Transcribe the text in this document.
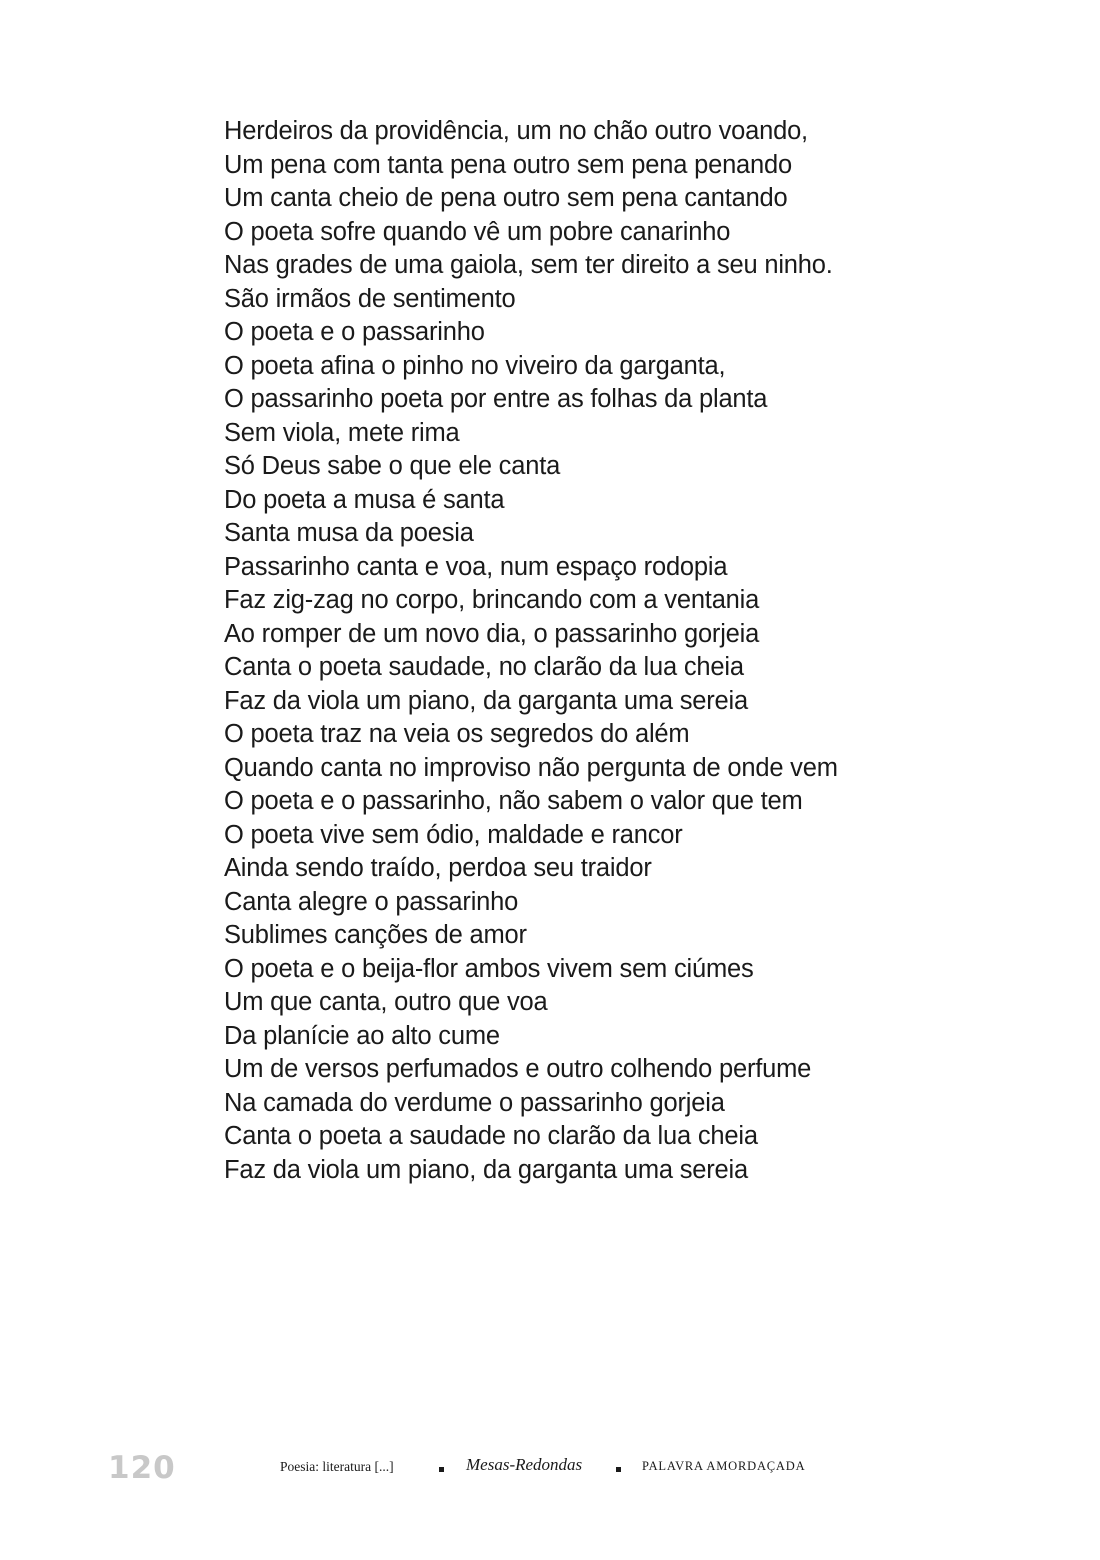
Herdeiros da providência, um no chão outro voando,
Um pena com tanta pena outro sem pena penando
Um canta cheio de pena outro sem pena cantando
O poeta sofre quando vê um pobre canarinho
Nas grades de uma gaiola, sem ter direito a seu ninho.
São irmãos de sentimento
O poeta e o passarinho
O poeta afina o pinho no viveiro da garganta,
O passarinho poeta por entre as folhas da planta
Sem viola, mete rima
Só Deus sabe o que ele canta
Do poeta a musa é santa
Santa musa da poesia
Passarinho canta e voa, num espaço rodopia
Faz zig-zag no corpo, brincando com a ventania
Ao romper de um novo dia, o passarinho gorjeia
Canta o poeta saudade, no clarão da lua cheia
Faz da viola um piano, da garganta uma sereia
O poeta traz na veia os segredos do além
Quando canta no improviso não pergunta de onde vem
O poeta e o passarinho, não sabem o valor que tem
O poeta vive sem ódio, maldade e rancor
Ainda sendo traído, perdoa seu traidor
Canta alegre o passarinho
Sublimes canções de amor
O poeta e o beija-flor ambos vivem sem ciúmes
Um que canta, outro que voa
Da planície ao alto cume
Um de versos perfumados e outro colhendo perfume
Na camada do verdume o passarinho gorjeia
Canta o poeta a saudade no clarão da lua cheia
Faz da viola um piano, da garganta uma sereia
120	Poesia: literatura [...]	Mesas-Redondas	PALAVRA AMORDAÇADA
